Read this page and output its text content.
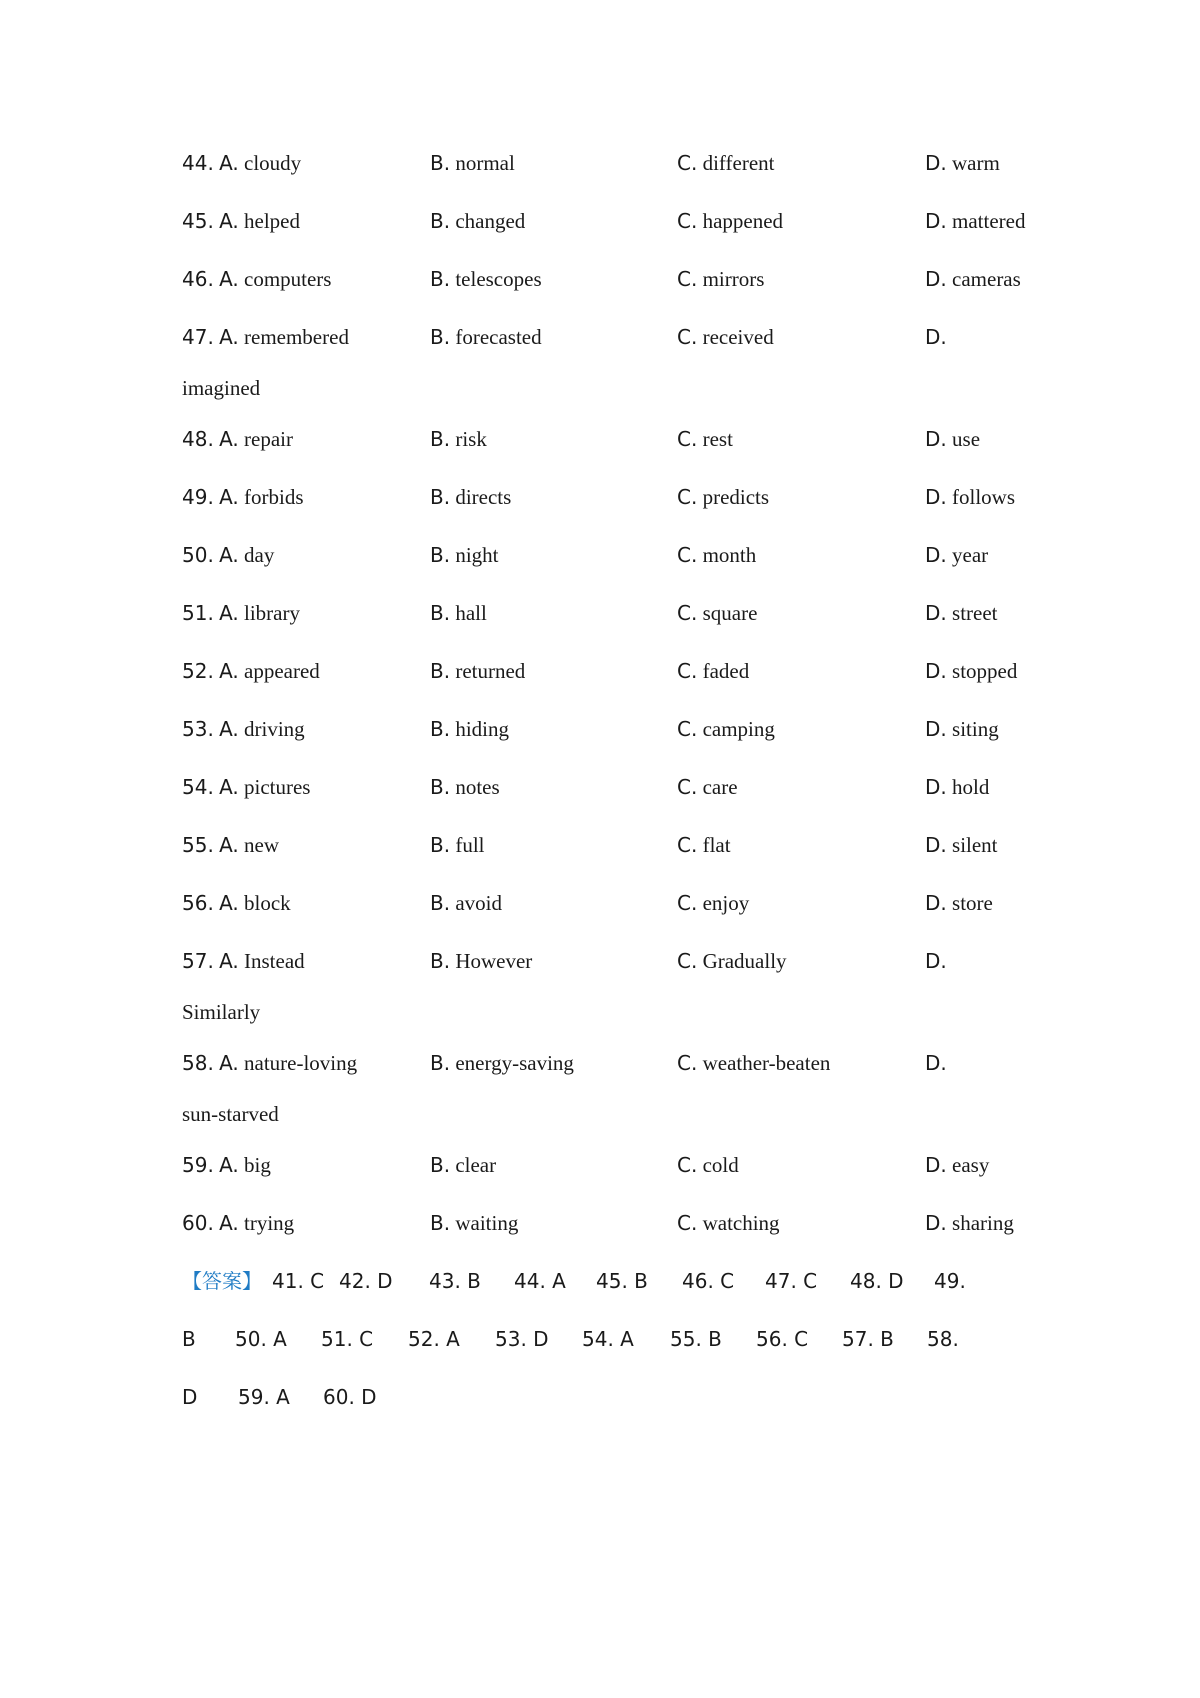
44. A. cloudy	B. normal	C. different	D. warm
45. A. helped	B. changed	C. happened	D. mattered
46. A. computers	B. telescopes	C. mirrors	D. cameras
47. A. remembered	B. forecasted	C. received	D.
imagined
48. A. repair	B. risk	C. rest	D. use
49. A. forbids	B. directs	C. predicts	D. follows
50. A. day	B. night	C. month	D. year
51. A. library	B. hall	C. square	D. street
52. A. appeared	B. returned	C. faded	D. stopped
53. A. driving	B. hiding	C. camping	D. siting
54. A. pictures	B. notes	C. care	D. hold
55. A. new	B. full	C. flat	D. silent
56. A. block	B. avoid	C. enjoy	D. store
57. A. Instead	B. However	C. Gradually	D.
Similarly
58. A. nature-loving	B. energy-saving	C. weather-beaten	D.
sun-starved
59. A. big	B. clear	C. cold	D. easy
60. A. trying	B. waiting	C. watching	D. sharing
【答案】 41. C 42. D 43. B 44. A 45. B 46. C 47. C 48. D 49.
B 50. A 51. C 52. A 53. D 54. A 55. B 56. C 57. B 58.
D 59. A 60. D
